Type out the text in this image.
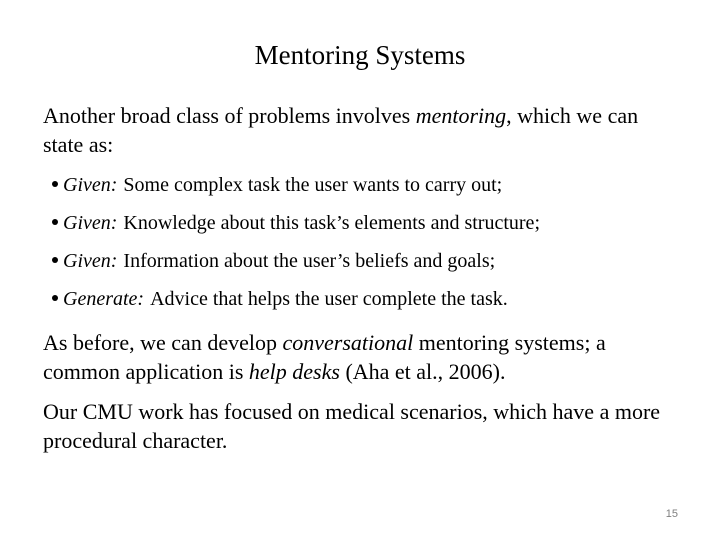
Mentoring Systems
Another broad class of problems involves mentoring, which we can state as:
Given: Some complex task the user wants to carry out;
Given: Knowledge about this task’s elements and structure;
Given: Information about the user’s beliefs and goals;
Generate: Advice that helps the user complete the task.
As before, we can develop conversational mentoring systems; a common application is help desks (Aha et al., 2006).
Our CMU work has focused on medical scenarios, which have a more procedural character.
15
